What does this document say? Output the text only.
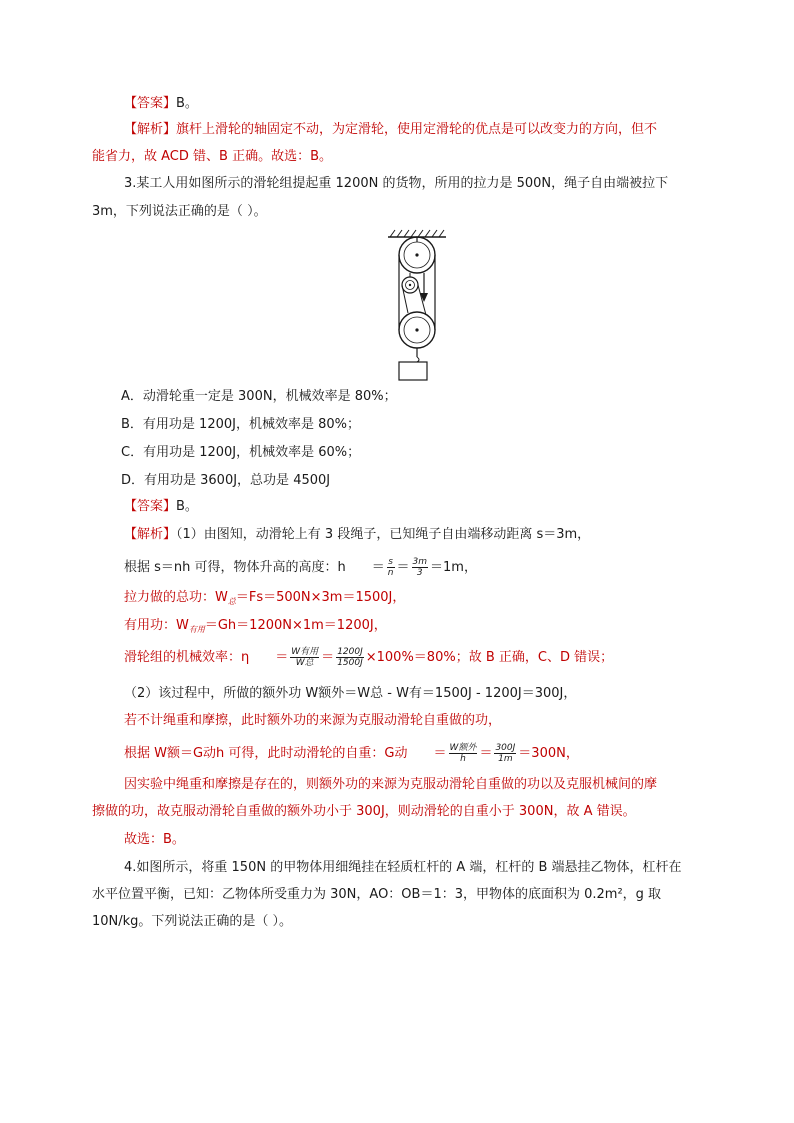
【答案】B。
【解析】旗杆上滑轮的轴固定不动，为定滑轮，使用定滑轮的优点是可以改变力的方向，但不
能省力，故 ACD 错、B 正确。故选：B。
3.某工人用如图所示的滑轮组提起重 1200N 的货物，所用的拉力是 500N，绳子自由端被拉下
3m，下列说法正确的是（ ）。
A．动滑轮重一定是 300N，机械效率是 80%；
B．有用功是 1200J，机械效率是 80%；
C．有用功是 1200J，机械效率是 60%；
D．有用功是 3600J，总功是 4500J
【答案】B。
【解析】（1）由图知，动滑轮上有 3 段绳子，已知绳子自由端移动距离 s＝3m，
根据 s＝nh 可得，物体升高的高度：$h = \frac{s}{n} = \frac{3m}{3} =1m$，
拉力做的总功：$W_总=Fs=500N\times 3m=1500J$，
有用功：$W_{有用}=Gh=1200N\times 1m=1200J$，
滑轮组的机械效率：$\eta = \frac{\text{W有用}}{\text{W总}} = \frac{1200J}{1500J} \times 100\%=80\%$；故 B 正确，C、D 错误；
（2）该过程中，所做的额外功 W额外＝W总 - W有＝1500J - 1200J＝300J，
若不计绳重和摩擦，此时额外功的来源为克服动滑轮自重做的功，
根据 W额＝G动h 可得，此时动滑轮的自重：G动 ＝ $\frac{\text{W额外}}{h} = \frac{300J}{1m} =300N$，
因实验中绳重和摩擦是存在的，则额外功的来源为克服动滑轮自重做的功以及克服机械间的摩
擦做的功，故克服动滑轮自重做的额外功小于 300J，则动滑轮的自重小于 300N，故 A 错误。
故选：B。
4.如图所示，将重 150N 的甲物体用细绳挂在轻质杠杆的 A 端，杠杆的 B 端悬挂乙物体，杠杆在
水平位置平衡，已知：乙物体所受重力为 30N，AO：OB＝1：3，甲物体的底面积为 0.2m²，g 取
10N/kg。下列说法正确的是（ ）。
